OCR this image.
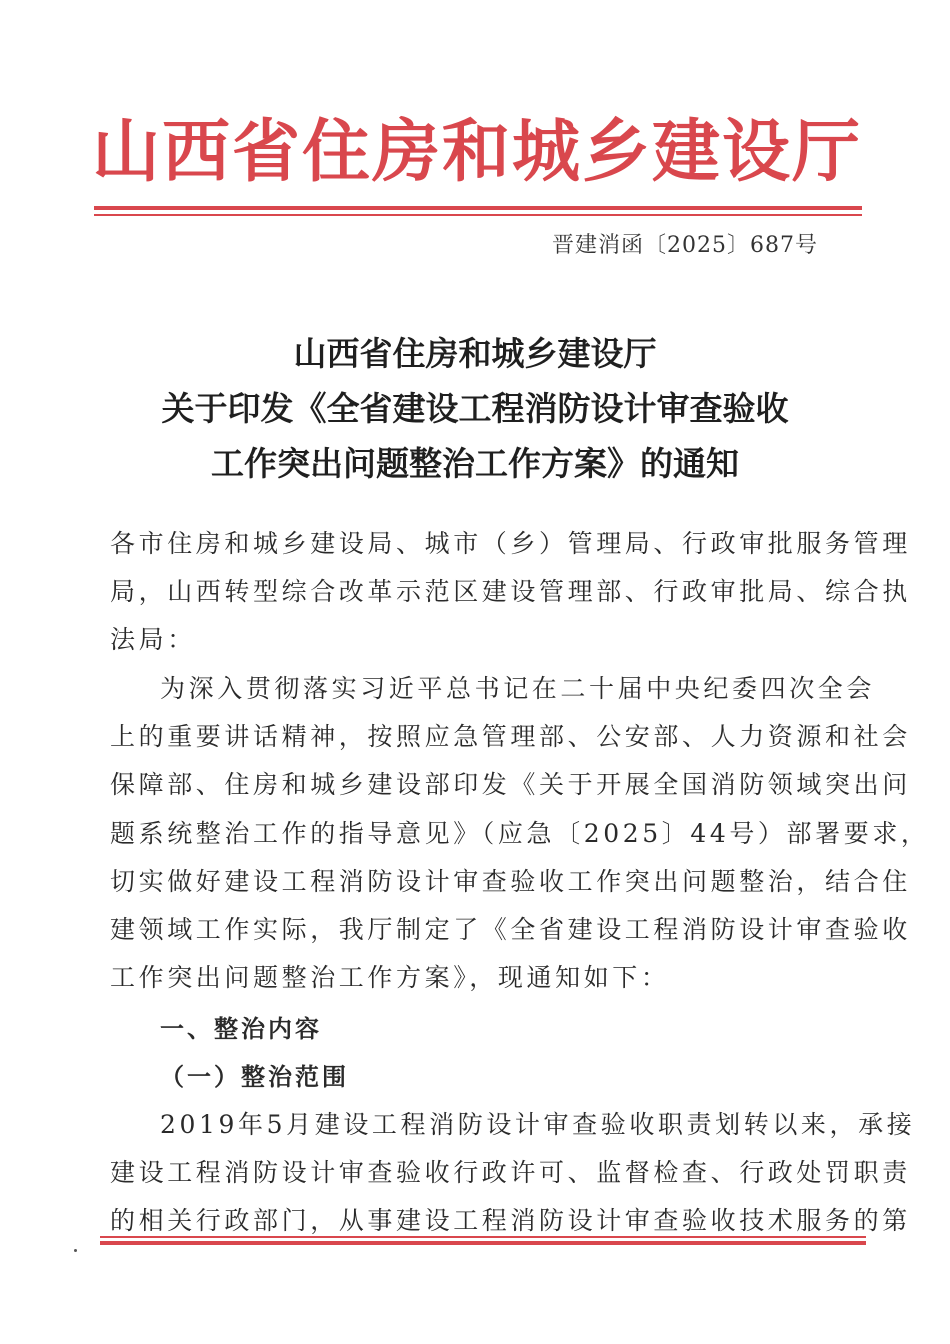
山西省住房和城乡建设厅
晋建消函〔2025〕687号
山西省住房和城乡建设厅
关于印发《全省建设工程消防设计审查验收
工作突出问题整治工作方案》的通知
各市住房和城乡建设局、城市（乡）管理局、行政审批服务管理
局，山西转型综合改革示范区建设管理部、行政审批局、综合执
法局：
为深入贯彻落实习近平总书记在二十届中央纪委四次全会
上的重要讲话精神，按照应急管理部、公安部、人力资源和社会
保障部、住房和城乡建设部印发《关于开展全国消防领域突出问
题系统整治工作的指导意见》（应急〔2025〕44号）部署要求，
切实做好建设工程消防设计审查验收工作突出问题整治，结合住
建领域工作实际，我厅制定了《全省建设工程消防设计审查验收
工作突出问题整治工作方案》，现通知如下：
一、整治内容
（一）整治范围
2019年5月建设工程消防设计审查验收职责划转以来，承接
建设工程消防设计审查验收行政许可、监督检查、行政处罚职责
的相关行政部门，从事建设工程消防设计审查验收技术服务的第
